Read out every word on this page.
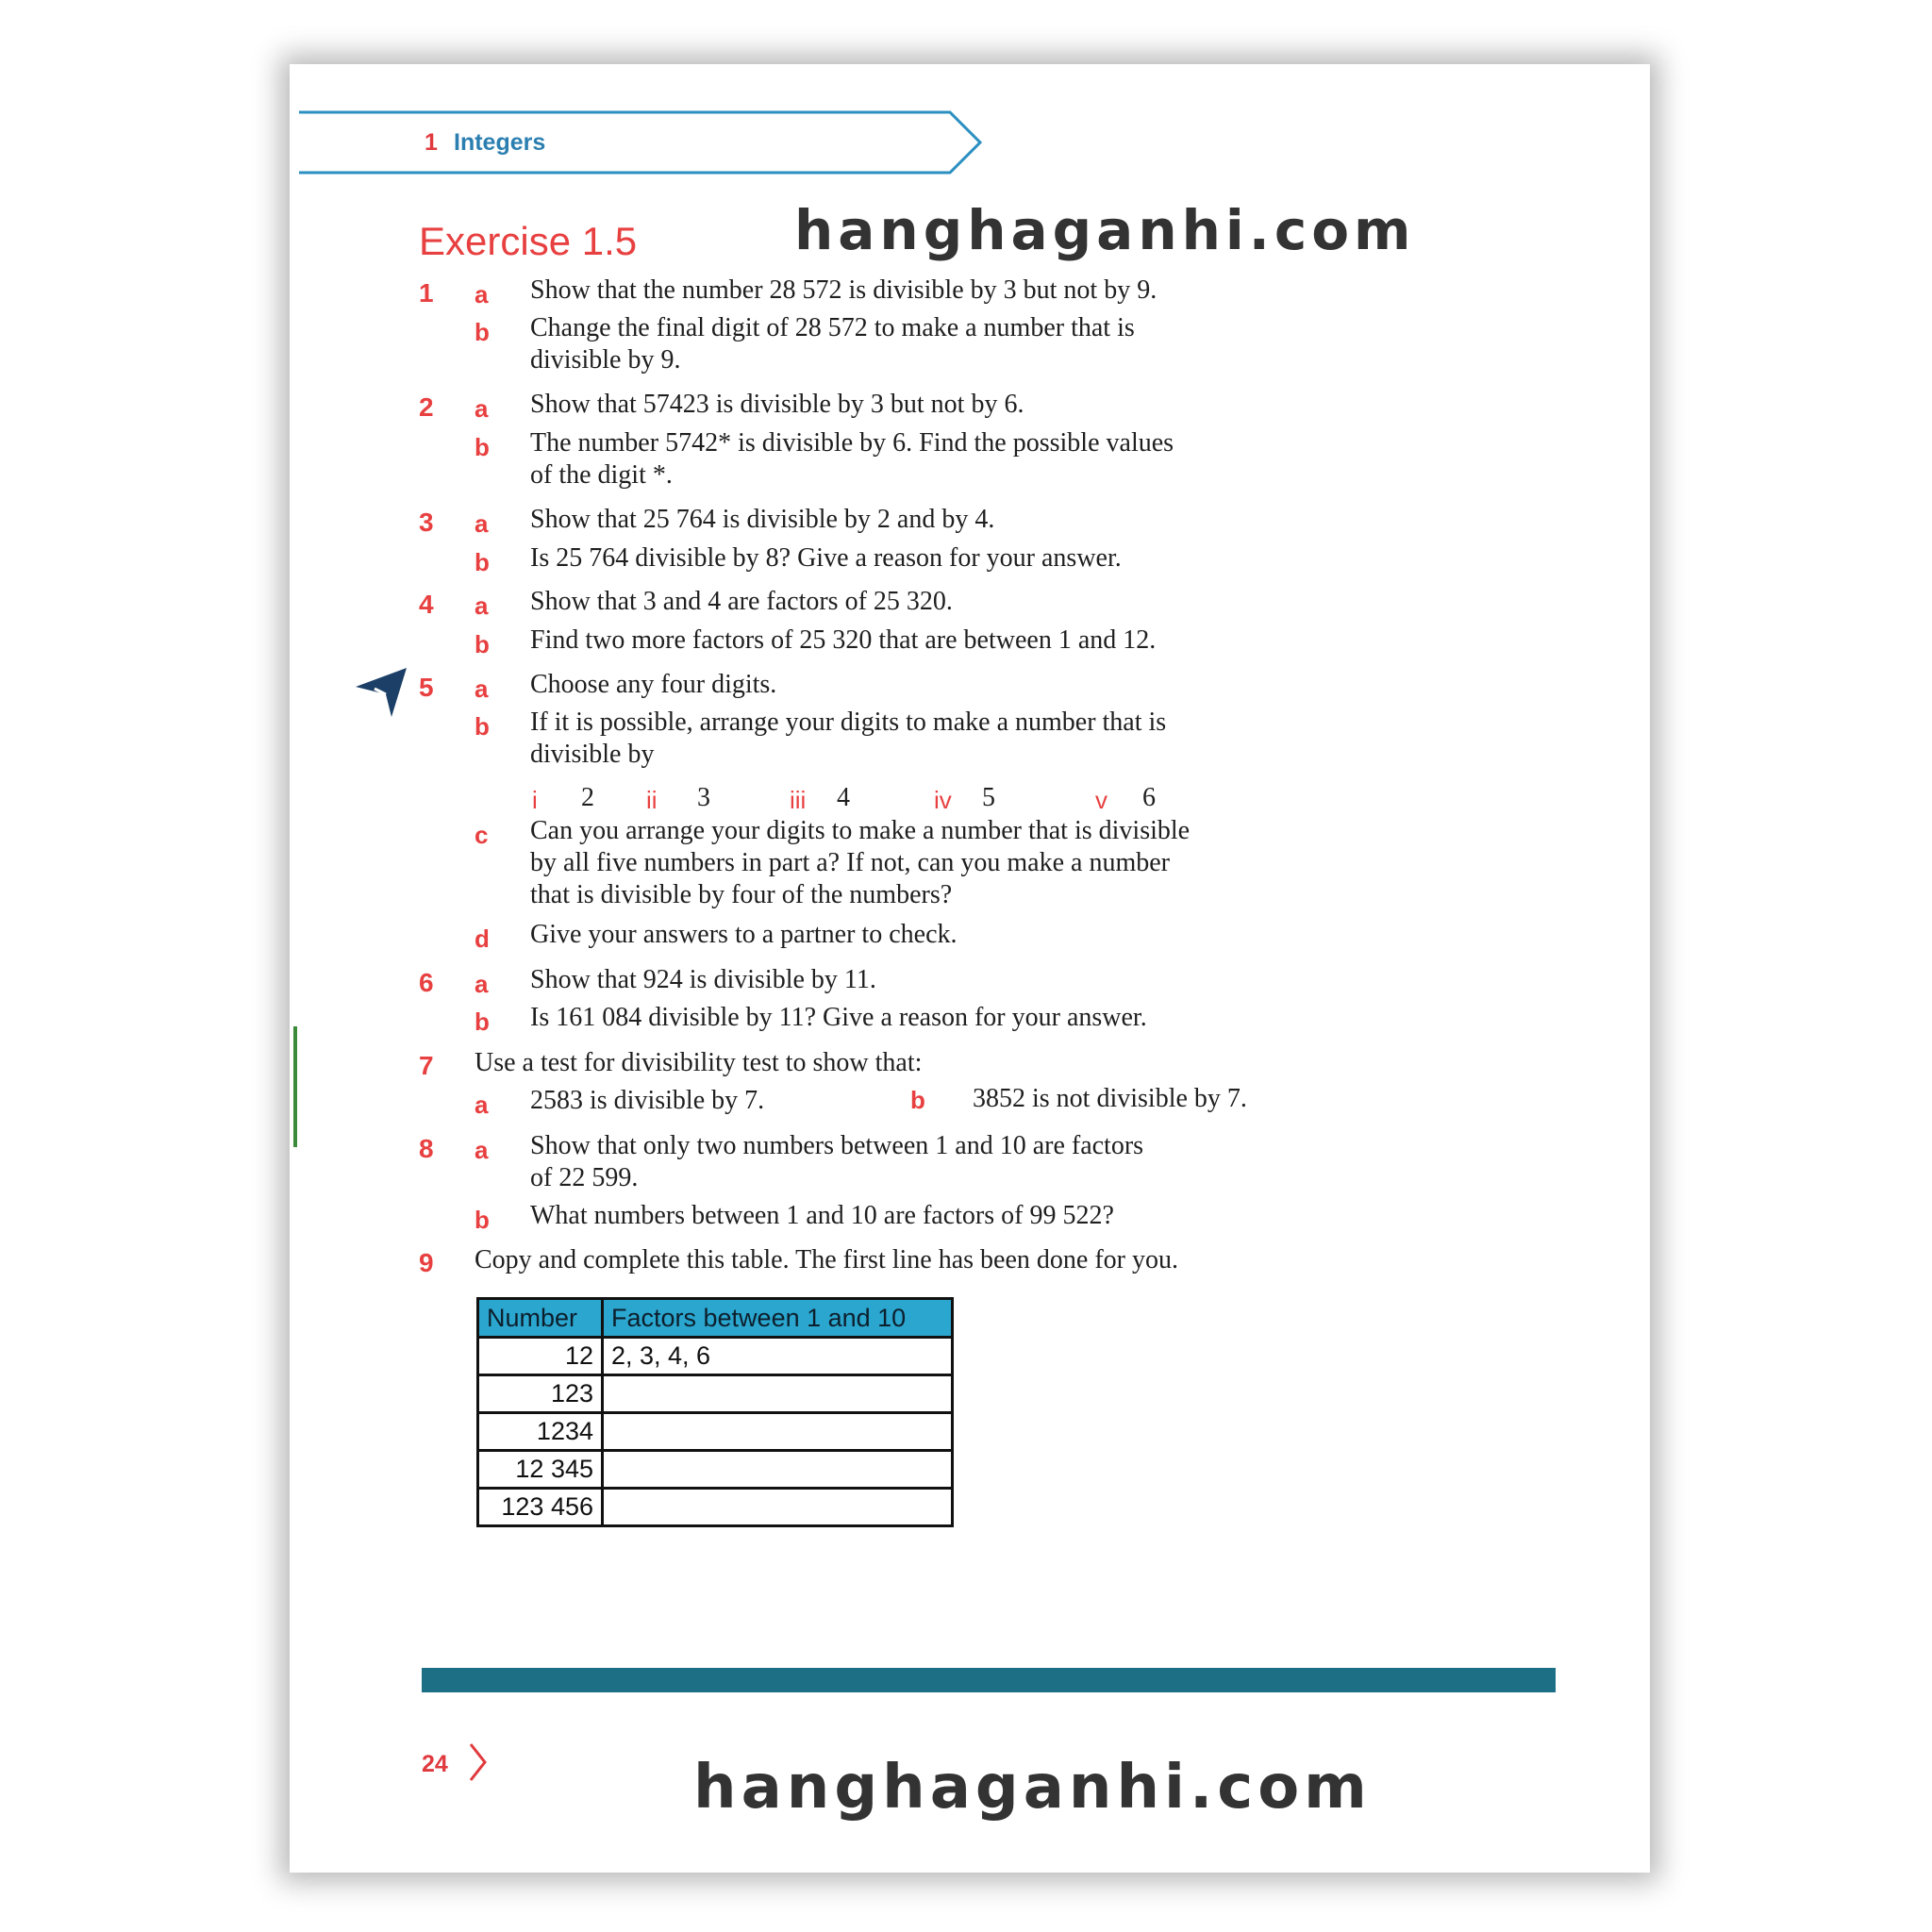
1 Integers
Exercise 1.5	hanghaganhi.com
1 a Show that the number 28 572 is divisible by 3 but not by 9.
b Change the final digit of 28 572 to make a number that is
divisible by 9.
2 a Show that 57423 is divisible by 3 but not by 6.
b The number 5742* is divisible by 6. Find the possible values
of the digit *.
3 a Show that 25 764 is divisible by 2 and by 4.
b Is 25 764 divisible by 8? Give a reason for your answer.
4 a Show that 3 and 4 are factors of 25 320.
b Find two more factors of 25 320 that are between 1 and 12.
5 a Choose any four digits.
b If it is possible, arrange your digits to make a number that is
divisible by
i 2 ii 3	iii 4	iv 5	v 6
c Can you arrange your digits to make a number that is divisible
by all five numbers in part a? If not, can you make a number
that is divisible by four of the numbers?
d Give your answers to a partner to check.
6 a Show that 924 is divisible by 11.
b Is 161 084 divisible by 11? Give a reason for your answer.
7 Use a test for divisibility test to show that:
a 2583 is divisible by 7.	b 3852 is not divisible by 7.
8 a Show that only two numbers between 1 and 10 are factors
of 22 599.
b What numbers between 1 and 10 are factors of 99 522?
9 Copy and complete this table. The first line has been done for you.
Number	Factors between 1 and 10
12	2, 3, 4, 6
123	
1234	
12 345	
123 456	
24	hanghaganhi.com
